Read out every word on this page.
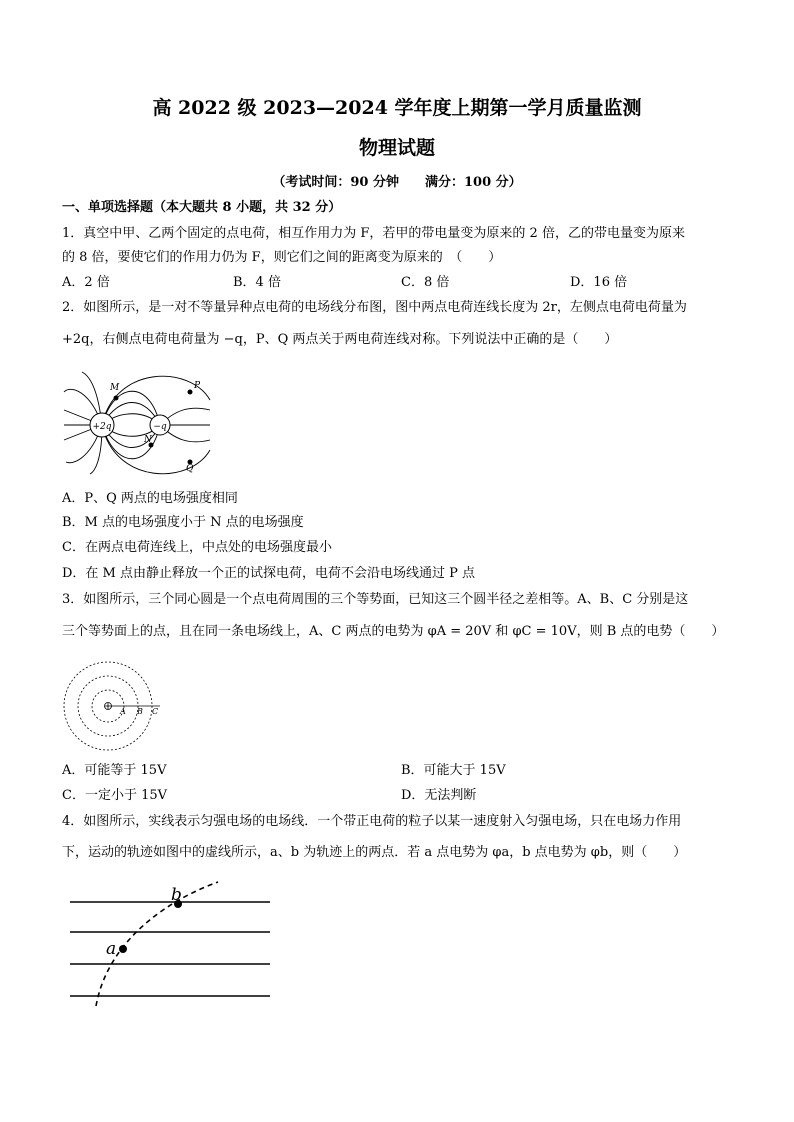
高 2022 级 2023—2024 学年度上期第一学月质量监测
物理试题
（考试时间：90 分钟　　满分：100 分）
一、单项选择题（本大题共 8 小题，共 32 分）
1．真空中甲、乙两个固定的点电荷，相互作用力为 F，若甲的带电量变为原来的 2 倍，乙的带电量变为原来
的 8 倍，要使它们的作用力仍为 F，则它们之间的距离变为原来的　（　　）
A．2 倍	B．4 倍	C．8 倍	D．16 倍
2．如图所示，是一对不等量异种点电荷的电场线分布图，图中两点电荷连线长度为 2r，左侧点电荷电荷量为
+2q，右侧点电荷电荷量为 −q，P、Q 两点关于两电荷连线对称。下列说法中正确的是（　　）
+2q	−q
M	P
N
Q
A．P、Q 两点的电场强度相同
B．M 点的电场强度小于 N 点的电场强度
C．在两点电荷连线上，中点处的电场强度最小
D．在 M 点由静止释放一个正的试探电荷，电荷不会沿电场线通过 P 点
3．如图所示，三个同心圆是一个点电荷周围的三个等势面，已知这三个圆半径之差相等。A、B、C 分别是这
三个等势面上的点，且在同一条电场线上，A、C 两点的电势为 φA = 20V 和 φC = 10V，则 B 点的电势（　　）
A B C
A．可能等于 15V	B．可能大于 15V
C．一定小于 15V	D．无法判断
4．如图所示，实线表示匀强电场的电场线．一个带正电荷的粒子以某一速度射入匀强电场，只在电场力作用
下，运动的轨迹如图中的虚线所示，a、b 为轨迹上的两点．若 a 点电势为 φa，b 点电势为 φb，则（　　）
a
b
